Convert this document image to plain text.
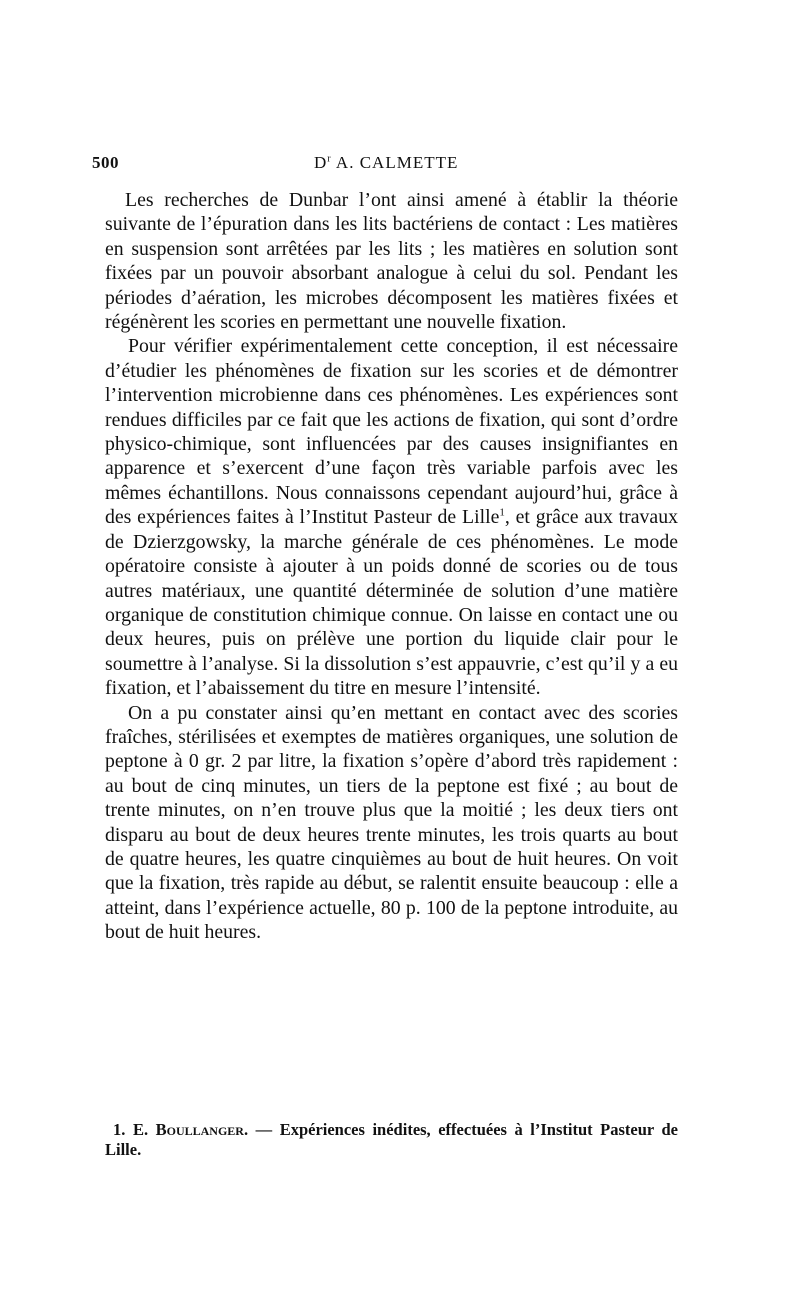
500	$D^r$ A. CALMETTE

Les recherches de Dunbar l’ont ainsi amené à établir la théorie suivante de l’épuration dans les lits bactériens de contact : Les matières en suspension sont arrêtées par les lits ; les matières en solution sont fixées par un pouvoir absorbant analogue à celui du sol. Pendant les périodes d’aération, les microbes décomposent les matières fixées et régénèrent les scories en permettant une nouvelle fixation.

Pour vérifier expérimentalement cette conception, il est nécessaire d’étudier les phénomènes de fixation sur les scories et de démontrer l’intervention microbienne dans ces phénomènes. Les expériences sont rendues difficiles par ce fait que les actions de fixation, qui sont d’ordre physico-chimique, sont influencées par des causes insignifiantes en apparence et s’exercent d’une façon très variable parfois avec les mêmes échantillons. Nous connaissons cependant aujourd’hui, grâce à des expériences faites à l’Institut Pasteur de Lille$^1$, et grâce aux travaux de Dzierzgowsky, la marche générale de ces phénomènes. Le mode opératoire consiste à ajouter à un poids donné de scories ou de tous autres matériaux, une quantité déterminée de solution d’une matière organique de constitution chimique connue. On laisse en contact une ou deux heures, puis on prélève une portion du liquide clair pour le soumettre à l’analyse. Si la dissolution s’est appauvrie, c’est qu’il y a eu fixation, et l’abaissement du titre en mesure l’intensité.

On a pu constater ainsi qu’en mettant en contact avec des scories fraîches, stérilisées et exemptes de matières organiques, une solution de peptone à 0 gr. 2 par litre, la fixation s’opère d’abord très rapidement : au bout de cinq minutes, un tiers de la peptone est fixé ; au bout de trente minutes, on n’en trouve plus que la moitié ; les deux tiers ont disparu au bout de deux heures trente minutes, les trois quarts au bout de quatre heures, les quatre cinquièmes au bout de huit heures. On voit que la fixation, très rapide au début, se ralentit ensuite beaucoup : elle a atteint, dans l’expérience actuelle, 80 p. 100 de la peptone introduite, au bout de huit heures.

1. E. Boullanger. — Expériences inédites, effectuées à l’Institut Pasteur de Lille.
